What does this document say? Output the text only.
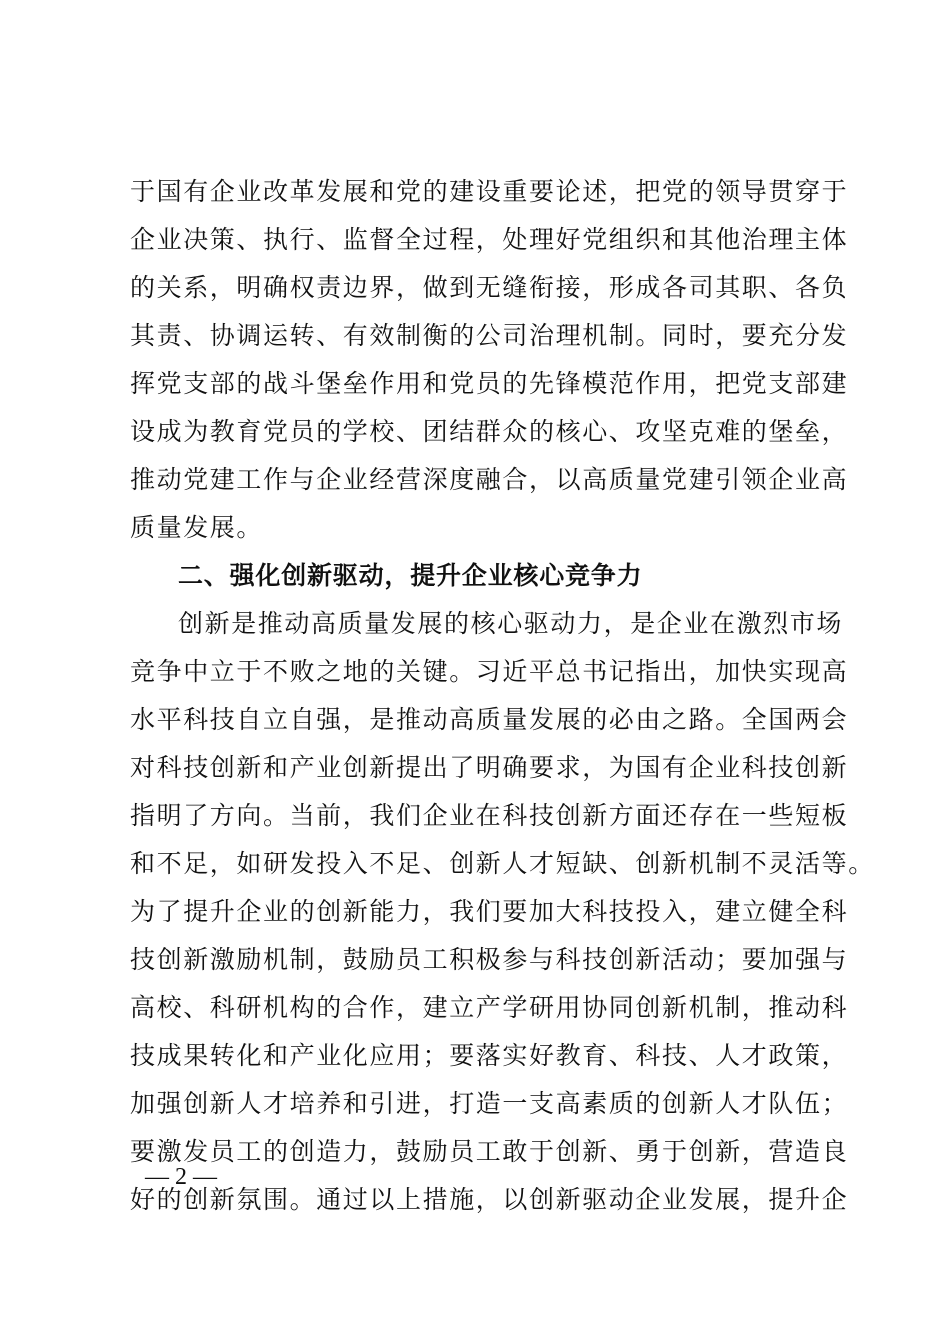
于国有企业改革发展和党的建设重要论述，把党的领导贯穿于
企业决策、执行、监督全过程，处理好党组织和其他治理主体
的关系，明确权责边界，做到无缝衔接，形成各司其职、各负
其责、协调运转、有效制衡的公司治理机制。同时，要充分发
挥党支部的战斗堡垒作用和党员的先锋模范作用，把党支部建
设成为教育党员的学校、团结群众的核心、攻坚克难的堡垒，
推动党建工作与企业经营深度融合，以高质量党建引领企业高
质量发展。
二、强化创新驱动，提升企业核心竞争力
创新是推动高质量发展的核心驱动力，是企业在激烈市场
竞争中立于不败之地的关键。习近平总书记指出，加快实现高
水平科技自立自强，是推动高质量发展的必由之路。全国两会
对科技创新和产业创新提出了明确要求，为国有企业科技创新
指明了方向。当前，我们企业在科技创新方面还存在一些短板
和不足，如研发投入不足、创新人才短缺、创新机制不灵活等。
为了提升企业的创新能力，我们要加大科技投入，建立健全科
技创新激励机制，鼓励员工积极参与科技创新活动；要加强与
高校、科研机构的合作，建立产学研用协同创新机制，推动科
技成果转化和产业化应用；要落实好教育、科技、人才政策，
加强创新人才培养和引进，打造一支高素质的创新人才队伍；
要激发员工的创造力，鼓励员工敢于创新、勇于创新，营造良
好的创新氛围。通过以上措施，以创新驱动企业发展，提升企
— 2 —
